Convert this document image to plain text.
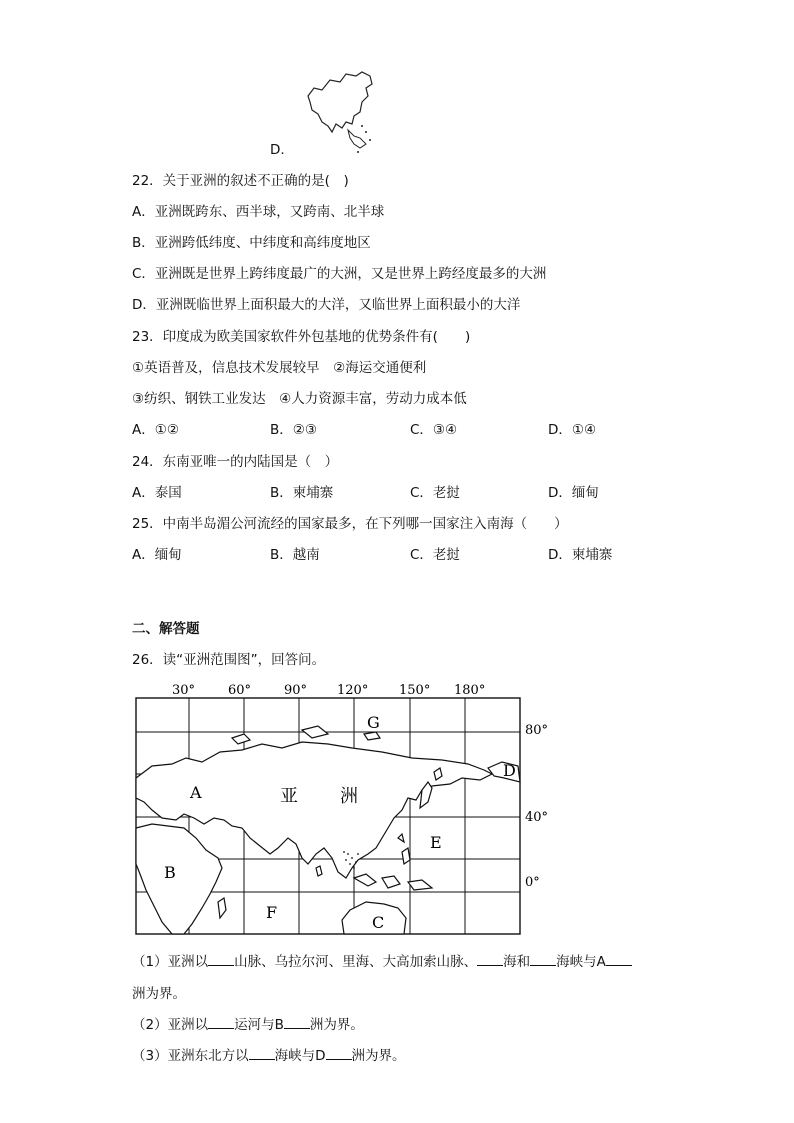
D.
22．关于亚洲的叙述不正确的是(　)
A．亚洲既跨东、西半球，又跨南、北半球
B．亚洲跨低纬度、中纬度和高纬度地区
C．亚洲既是世界上跨纬度最广的大洲，又是世界上跨经度最多的大洲
D．亚洲既临世界上面积最大的大洋，又临世界上面积最小的大洋
23．印度成为欧美国家软件外包基地的优势条件有(　　)
①英语普及，信息技术发展较早　②海运交通便利
③纺织、钢铁工业发达　④人力资源丰富，劳动力成本低
A．①②	B．②③	C．③④	D．①④
24．东南亚唯一的内陆国是（　）
A．泰国	B．柬埔寨	C．老挝	D．缅甸
25．中南半岛湄公河流经的国家最多，在下列哪一国家注入南海（　　）
A．缅甸	B．越南	C．老挝	D．柬埔寨
二、解答题
26．读“亚洲范围图”，回答问。
30°	60°	90° 120° 150° 180°
80°
40°
0°
亚 洲
G
A
B
C
D
E
F
（1）亚洲以 山脉、乌拉尔河、里海、大高加索山脉、 海和 海峡与A
洲为界。
（2）亚洲以 运河与B 洲为界。
（3）亚洲东北方以 海峡与D 洲为界。
